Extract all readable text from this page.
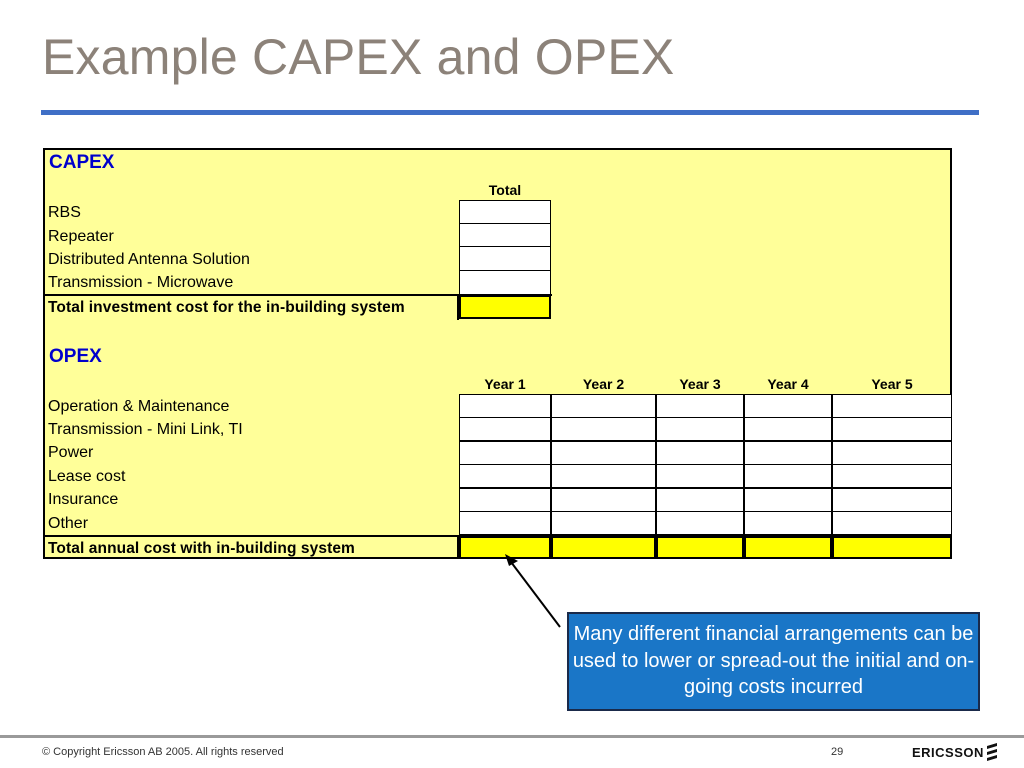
Example CAPEX and OPEX
CAPEX
Total
RBS
Repeater
Distributed Antenna Solution
Transmission - Microwave
Total investment cost for the in-building system
OPEX
Year 1	Year 2	Year 3	Year 4	Year 5
Operation & Maintenance
Transmission - Mini Link, TI
Power
Lease cost
Insurance
Other
Total annual cost with in-building system
Many different financial arrangements can be used to lower or spread-out the initial and on-going costs incurred
© Copyright Ericsson AB 2005. All rights reserved	29	ERICSSON
